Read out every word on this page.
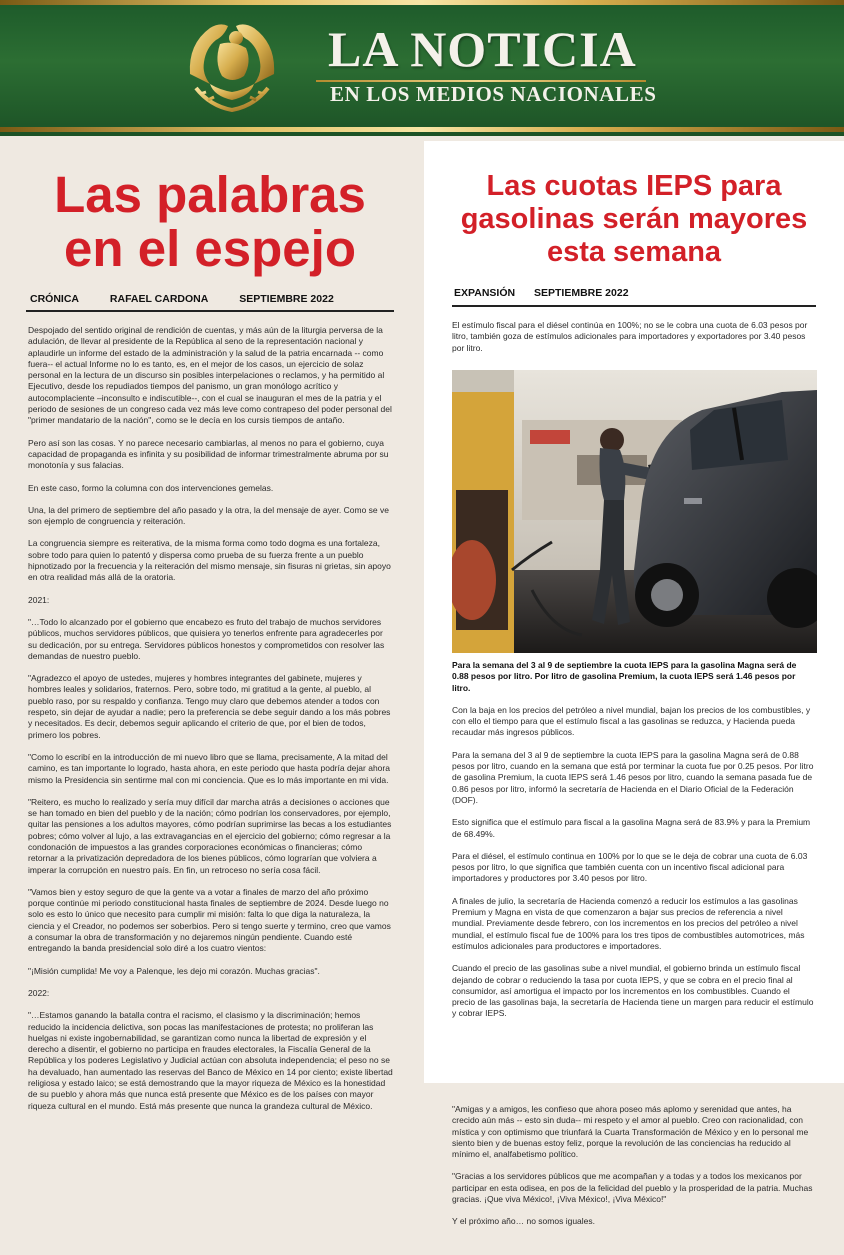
LA NOTICIA
EN LOS MEDIOS NACIONALES
Las palabras en el espejo
CRÓNICA	RAFAEL CARDONA	SEPTIEMBRE 2022

Despojado del sentido original de rendición de cuentas, y más aún de la liturgia perversa de la adulación, de llevar al presidente de la República al seno de la representación nacional y aplaudirle un informe del estado de la administración y la salud de la patria encarnada -- como fuera-- el actual Informe no lo es tanto, es, en el mejor de los casos, un ejercicio de solaz personal en la lectura de un discurso sin posibles interpelaciones o reclamos, y ha permitido al Ejecutivo, desde los repudiados tiempos del panismo, un gran monólogo acrítico y autocomplaciente –inconsulto e indiscutible--, con el cual se inauguran el mes de la patria y el periodo de sesiones de un congreso cada vez más leve como contrapeso del poder personal del "primer mandatario de la nación", como se le decía en los cursis tiempos de antaño.

Pero así son las cosas. Y no parece necesario cambiarlas, al menos no para el gobierno, cuya capacidad de propaganda es infinita y su posibilidad de informar trimestralmente abruma por su monotonía y sus falacias.

En este caso, formo la columna con dos intervenciones gemelas.

Una, la del primero de septiembre del año pasado y la otra, la del mensaje de ayer. Como se ve son ejemplo de congruencia y reiteración.

La congruencia siempre es reiterativa, de la misma forma como todo dogma es una fortaleza, sobre todo para quien lo patentó y dispersa como prueba de su fuerza frente a un pueblo hipnotizado por la frecuencia y la reiteración del mismo mensaje, sin fisuras ni grietas, sin apoyo en otra realidad más allá de la oratoria.

2021:

"…Todo lo alcanzado por el gobierno que encabezo es fruto del trabajo de muchos servidores públicos, muchos servidores públicos, que quisiera yo tenerlos enfrente para agradecerles por su dedicación, por su entrega. Servidores públicos honestos y comprometidos con resolver las demandas de nuestro pueblo.

"Agradezco el apoyo de ustedes, mujeres y hombres integrantes del gabinete, mujeres y hombres leales y solidarios, fraternos. Pero, sobre todo, mi gratitud a la gente, al pueblo, al pueblo raso, por su respaldo y confianza. Tengo muy claro que debemos atender a todos con respeto, sin dejar de ayudar a nadie; pero la preferencia se debe seguir dando a los más pobres y necesitados. Es decir, debemos seguir aplicando el criterio de que, por el bien de todos, primero los pobres.

"Como lo escribí en la introducción de mi nuevo libro que se llama, precisamente, A la mitad del camino, es tan importante lo logrado, hasta ahora, en este periodo que hasta podría dejar ahora mismo la Presidencia sin sentirme mal con mi conciencia. Que es lo más importante en mi vida.

"Reitero, es mucho lo realizado y sería muy difícil dar marcha atrás a decisiones o acciones que se han tomado en bien del pueblo y de la nación; cómo podrían los conservadores, por ejemplo, quitar las pensiones a los adultos mayores, cómo podrían suprimirse las becas a los estudiantes pobres; cómo volver al lujo, a las extravagancias en el ejercicio del gobierno; cómo regresar a la condonación de impuestos a las grandes corporaciones económicas o financieras; cómo retornar a la privatización depredadora de los bienes públicos, cómo lograrían que volviera a imperar la corrupción en nuestro país. En fin, un retroceso no sería cosa fácil.

"Vamos bien y estoy seguro de que la gente va a votar a finales de marzo del año próximo porque continúe mi periodo constitucional hasta finales de septiembre de 2024. Desde luego no solo es esto lo único que necesito para cumplir mi misión: falta lo que diga la naturaleza, la ciencia y el Creador, no podemos ser soberbios. Pero si tengo suerte y termino, creo que vamos a consumar la obra de transformación y no dejaremos ningún pendiente. Cuando esté entregando la banda presidencial solo diré a los cuatro vientos:

"¡Misión cumplida! Me voy a Palenque, les dejo mi corazón. Muchas gracias".

2022:

"…Estamos ganando la batalla contra el racismo, el clasismo y la discriminación; hemos reducido la incidencia delictiva, son pocas las manifestaciones de protesta; no proliferan las huelgas ni existe ingobernabilidad, se garantizan como nunca la libertad de expresión y el derecho a disentir, el gobierno no participa en fraudes electorales, la Fiscalía General de la República y los poderes Legislativo y Judicial actúan con absoluta independencia; el peso no se ha devaluado, han aumentado las reservas del Banco de México en 14 por ciento; existe libertad religiosa y estado laico; se está demostrando que la mayor riqueza de México es la honestidad de su pueblo y ahora más que nunca está presente que México es de los países con mayor riqueza cultural en el mundo. Está más presente que nunca la grandeza cultural de México.

Las cuotas IEPS para gasolinas serán mayores esta semana
EXPANSIÓN SEPTIEMBRE 2022

El estímulo fiscal para el diésel continúa en 100%; no se le cobra una cuota de 6.03 pesos por litro, también goza de estímulos adicionales para importadores y exportadores por 3.40 pesos por litro.

Para la semana del 3 al 9 de septiembre la cuota IEPS para la gasolina Magna será de 0.88 pesos por litro. Por litro de gasolina Premium, la cuota IEPS será 1.46 pesos por litro.

Con la baja en los precios del petróleo a nivel mundial, bajan los precios de los combustibles, y con ello el tiempo para que el estímulo fiscal a las gasolinas se reduzca, y Hacienda pueda recaudar más ingresos públicos.

Para la semana del 3 al 9 de septiembre la cuota IEPS para la gasolina Magna será de 0.88 pesos por litro, cuando en la semana que está por terminar la cuota fue por 0.25 pesos. Por litro de gasolina Premium, la cuota IEPS será 1.46 pesos por litro, cuando la semana pasada fue de 0.86 pesos por litro, informó la secretaría de Hacienda en el Diario Oficial de la Federación (DOF).

Esto significa que el estímulo para fiscal a la gasolina Magna será de 83.9% y para la Premium de 68.49%.

Para el diésel, el estímulo continua en 100% por lo que se le deja de cobrar una cuota de 6.03 pesos por litro, lo que significa que también cuenta con un incentivo fiscal adicional para importadores y productores por 3.40 pesos por litro.

A finales de julio, la secretaría de Hacienda comenzó a reducir los estímulos a las gasolinas Premium y Magna en vista de que comenzaron a bajar sus precios de referencia a nivel mundial. Previamente desde febrero, con los incrementos en los precios del petróleo a nivel mundial, el estímulo fiscal fue de 100% para los tres tipos de combustibles automotrices, más estímulos adicionales para productores e importadores.

Cuando el precio de las gasolinas sube a nivel mundial, el gobierno brinda un estímulo fiscal dejando de cobrar o reduciendo la tasa por cuota IEPS, y que se cobra en el precio final al consumidor, así amortigua el impacto por los incrementos en los combustibles. Cuando el precio de las gasolinas baja, la secretaría de Hacienda tiene un margen para reducir el estímulo y cobrar IEPS.

"Amigas y a amigos, les confieso que ahora poseo más aplomo y serenidad que antes, ha crecido aún más -- esto sin duda-- mi respeto y el amor al pueblo. Creo con racionalidad, con mística y con optimismo que triunfará la Cuarta Transformación de México y en lo personal me siento bien y de buenas estoy feliz, porque la revolución de las conciencias ha reducido al mínimo el, analfabetismo político.

"Gracias a los servidores públicos que me acompañan y a todas y a todos los mexicanos por participar en esta odisea, en pos de la felicidad del pueblo y la prosperidad de la patria. Muchas gracias. ¡Que viva México!, ¡Viva México!, ¡Viva México!"

Y el próximo año… no somos iguales.
